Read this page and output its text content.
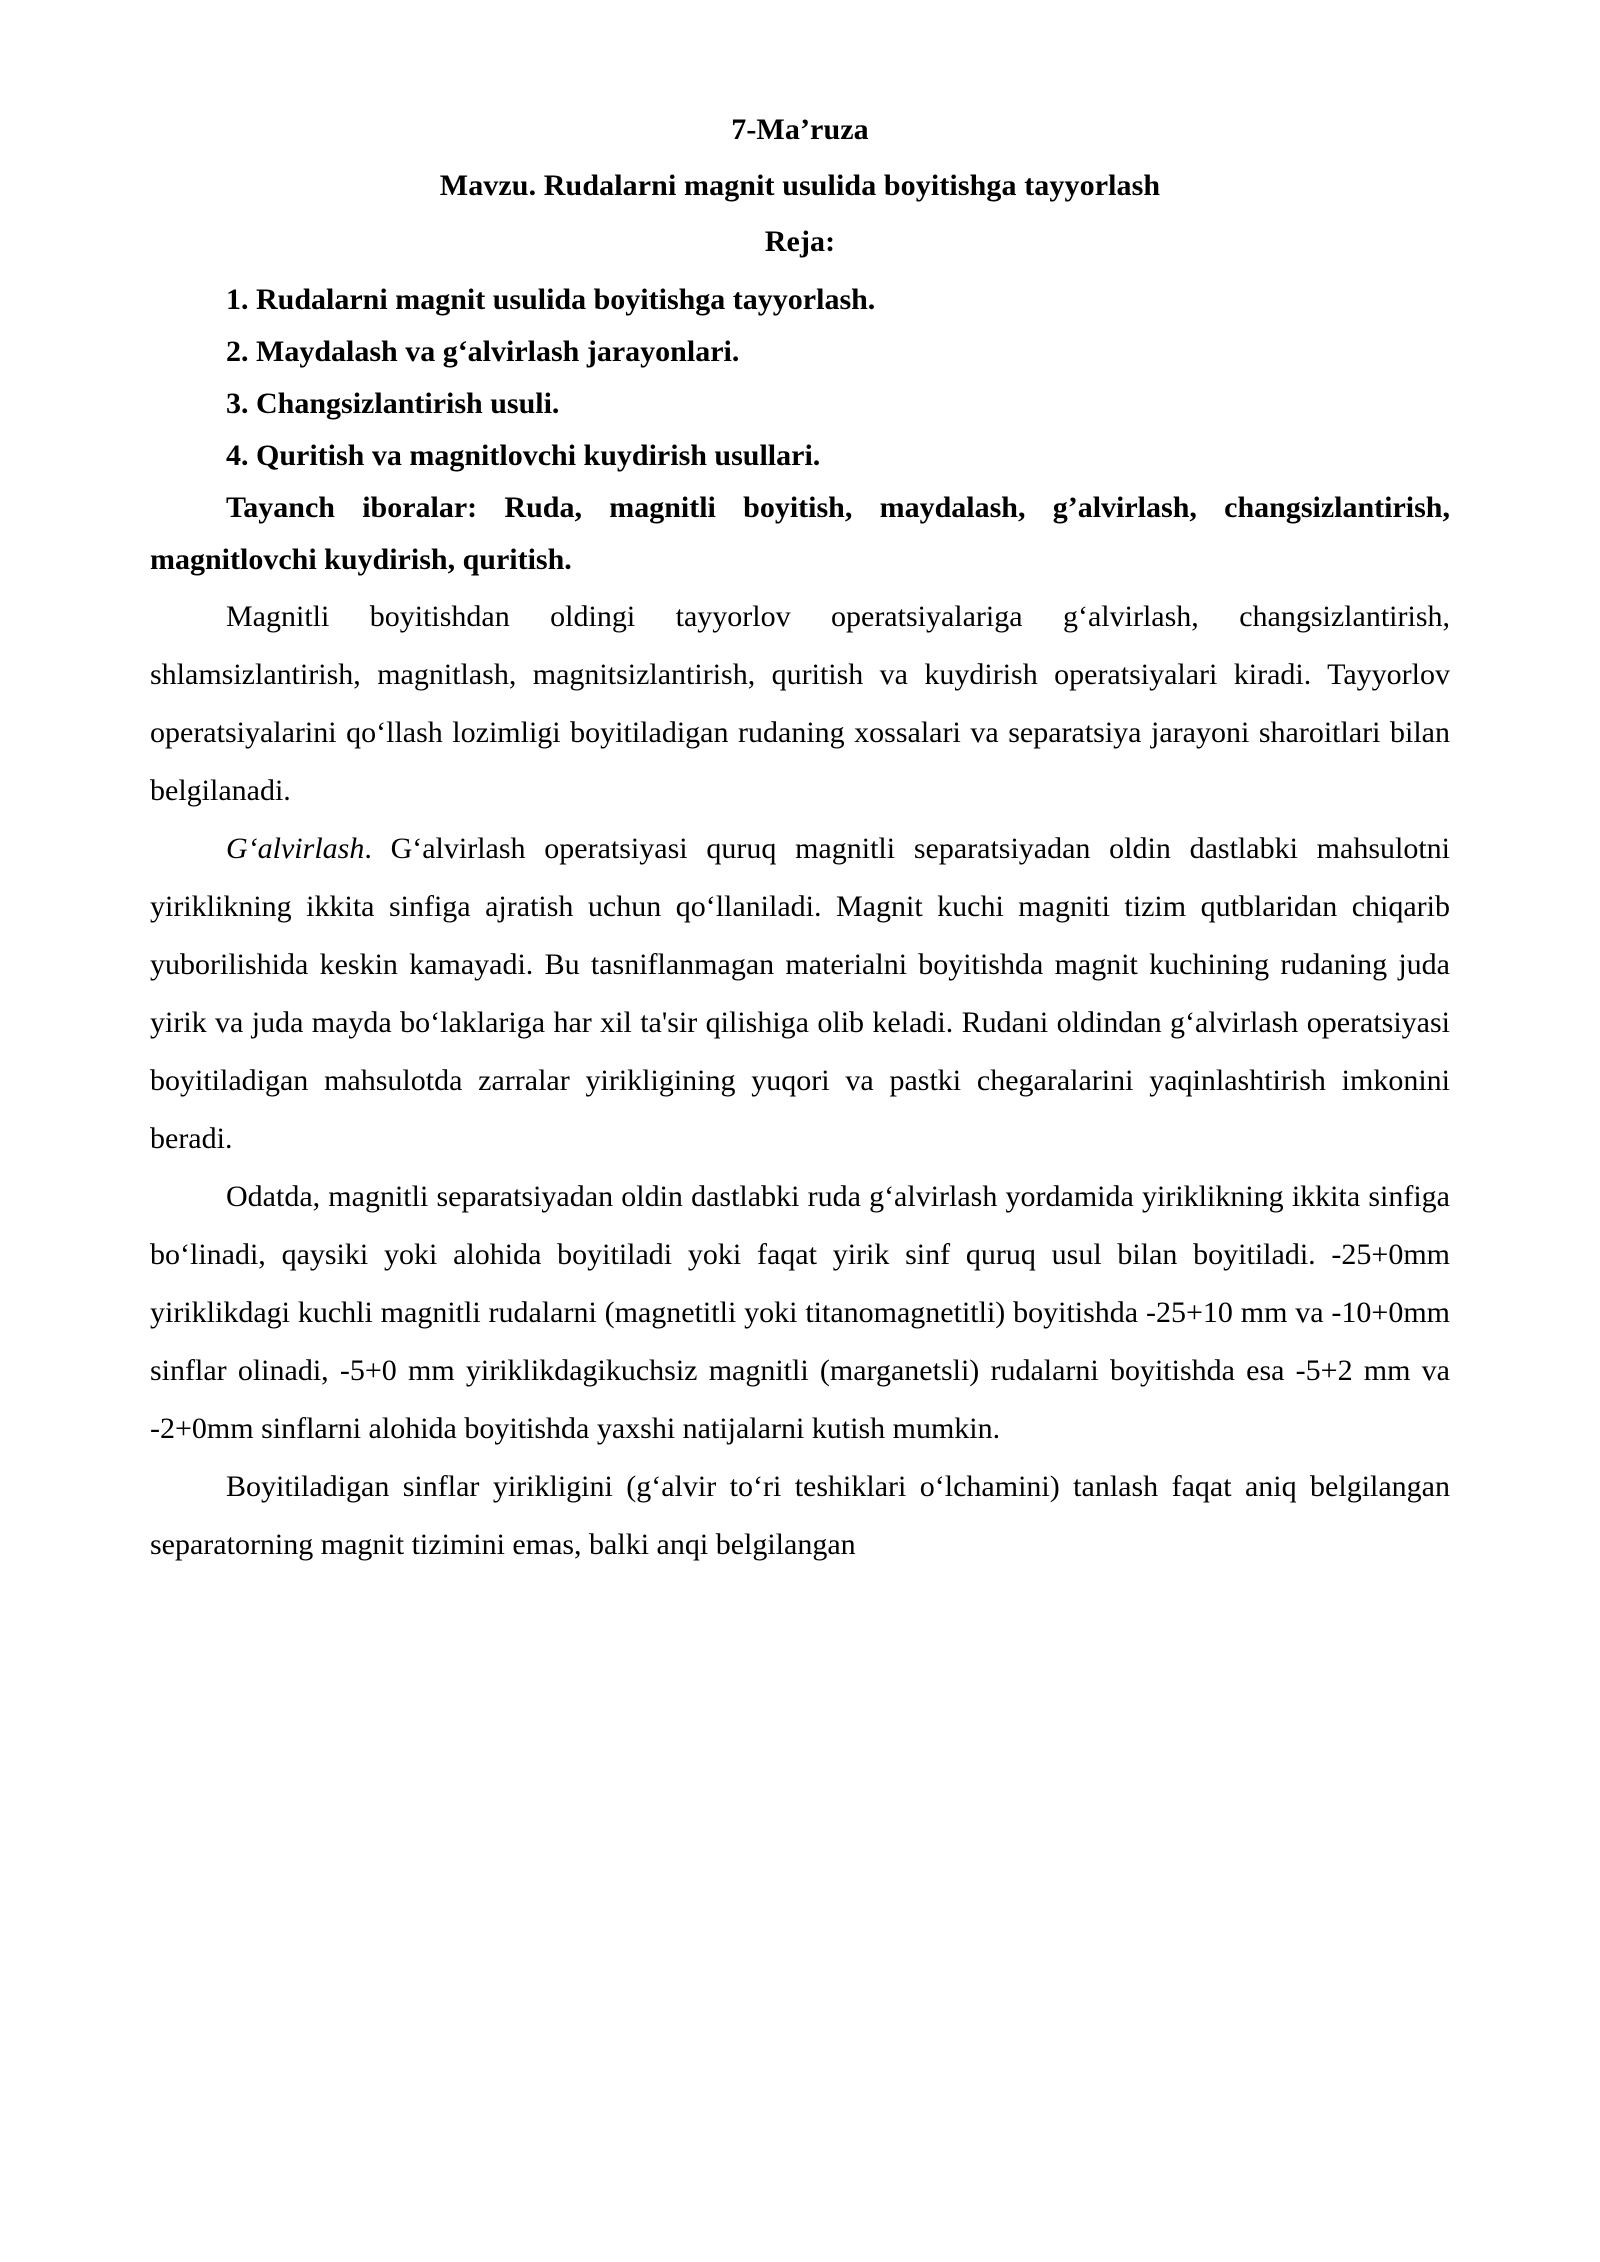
7-Ma’ruza
Mavzu. Rudalarni magnit usulida boyitishga tayyorlash
Reja:
1. Rudalarni magnit usulida boyitishga tayyorlash.
2. Maydalash va g‘alvirlash jarayonlari.
3. Changsizlantirish usuli.
4. Quritish va magnitlovchi kuydirish usullari.
Tayanch iboralar: Ruda, magnitli boyitish, maydalash, g’alvirlash, changsizlantirish, magnitlovchi kuydirish, quritish.
Magnitli boyitishdan oldingi tayyorlov operatsiyalariga g‘alvirlash, changsizlantirish, shlamsizlantirish, magnitlash, magnitsizlantirish, quritish va kuydirish operatsiyalari kiradi. Tayyorlov operatsiyalarini qo‘llash lozimligi boyitiladigan rudaning xossalari va separatsiya jarayoni sharoitlari bilan belgilanadi.
G‘alvirlash. G‘alvirlash operatsiyasi quruq magnitli separatsiyadan oldin dastlabki mahsulotni yiriklikning ikkita sinfiga ajratish uchun qo‘llaniladi. Magnit kuchi magniti tizim qutblaridan chiqarib yuborilishida keskin kamayadi. Bu tasniflanmagan materialni boyitishda magnit kuchining rudaning juda yirik va juda mayda bo‘laklariga har xil ta'sir qilishiga olib keladi. Rudani oldindan g‘alvirlash operatsiyasi boyitiladigan mahsulotda zarralar yirikligining yuqori va pastki chegaralarini yaqinlashtirish imkonini beradi.
Odatda, magnitli separatsiyadan oldin dastlabki ruda g‘alvirlash yordamida yiriklikning ikkita sinfiga bo‘linadi, qaysiki yoki alohida boyitiladi yoki faqat yirik sinf quruq usul bilan boyitiladi. -25+0mm yiriklikdagi kuchli magnitli rudalarni (magnetitli yoki titanomagnetitli) boyitishda -25+10 mm va -10+0mm sinflar olinadi, -5+0 mm yiriklikdagikuchsiz magnitli (marganetsli) rudalarni boyitishda esa -5+2 mm va -2+0mm sinflarni alohida boyitishda yaxshi natijalarni kutish mumkin.
Boyitiladigan sinflar yirikligini (g‘alvir to‘ri teshiklari o‘lchamini) tanlash faqat aniq belgilangan separatorning magnit tizimini emas, balki anqi belgilangan
